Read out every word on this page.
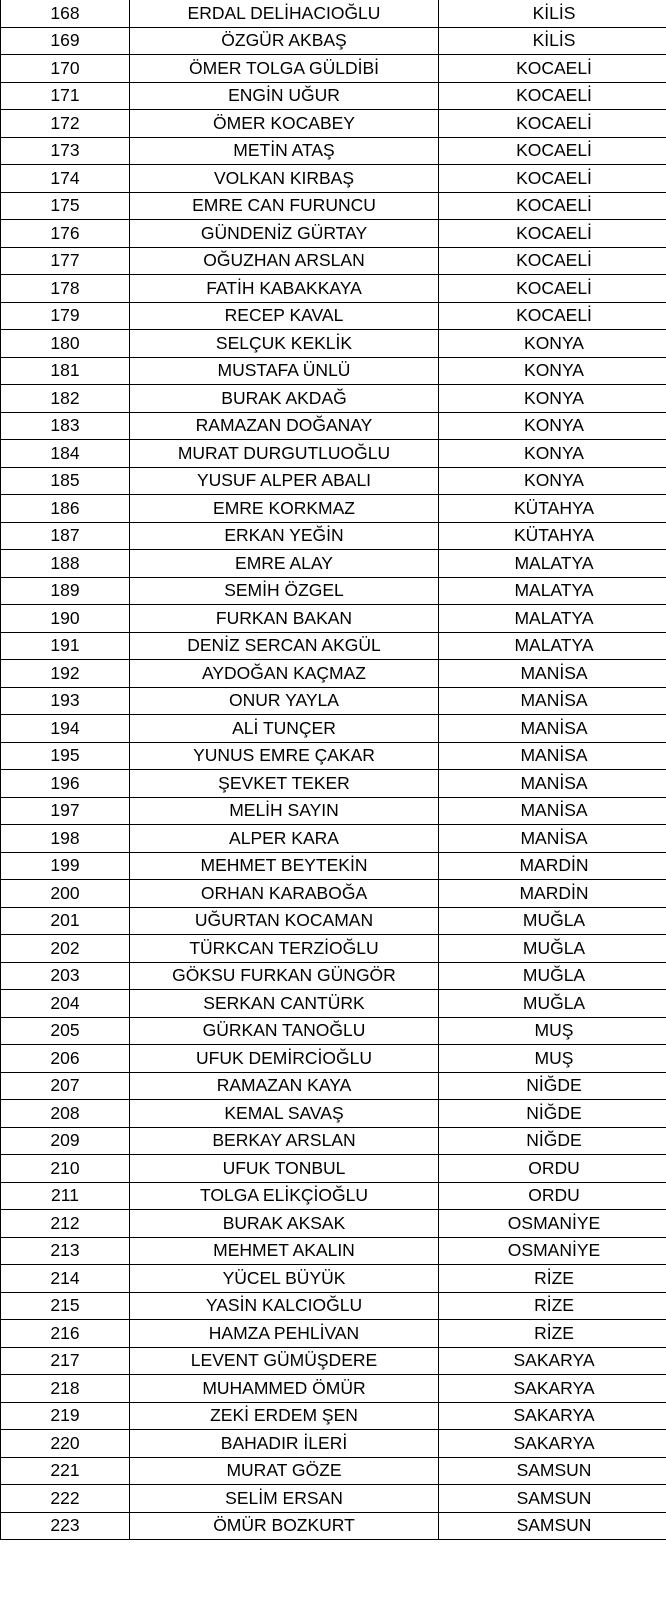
168	ERDAL DELİHACIOĞLU	KİLİS
169	ÖZGÜR AKBAŞ	KİLİS
170	ÖMER TOLGA GÜLDİBİ	KOCAELİ
171	ENGİN UĞUR	KOCAELİ
172	ÖMER KOCABEY	KOCAELİ
173	METİN ATAŞ	KOCAELİ
174	VOLKAN KIRBAŞ	KOCAELİ
175	EMRE CAN FURUNCU	KOCAELİ
176	GÜNDENİZ GÜRTAY	KOCAELİ
177	OĞUZHAN ARSLAN	KOCAELİ
178	FATİH KABAKKAYA	KOCAELİ
179	RECEP KAVAL	KOCAELİ
180	SELÇUK KEKLİK	KONYA
181	MUSTAFA ÜNLÜ	KONYA
182	BURAK AKDAĞ	KONYA
183	RAMAZAN DOĞANAY	KONYA
184	MURAT DURGUTLUOĞLU	KONYA
185	YUSUF ALPER ABALI	KONYA
186	EMRE KORKMAZ	KÜTAHYA
187	ERKAN YEĞİN	KÜTAHYA
188	EMRE ALAY	MALATYA
189	SEMİH ÖZGEL	MALATYA
190	FURKAN BAKAN	MALATYA
191	DENİZ SERCAN AKGÜL	MALATYA
192	AYDOĞAN KAÇMAZ	MANİSA
193	ONUR YAYLA	MANİSA
194	ALİ TUNÇER	MANİSA
195	YUNUS EMRE ÇAKAR	MANİSA
196	ŞEVKET TEKER	MANİSA
197	MELİH SAYIN	MANİSA
198	ALPER KARA	MANİSA
199	MEHMET BEYTEKİN	MARDİN
200	ORHAN KARABOĞA	MARDİN
201	UĞURTAN KOCAMAN	MUĞLA
202	TÜRKCAN TERZİOĞLU	MUĞLA
203	GÖKSU FURKAN GÜNGÖR	MUĞLA
204	SERKAN CANTÜRK	MUĞLA
205	GÜRKAN TANOĞLU	MUŞ
206	UFUK DEMİRCİOĞLU	MUŞ
207	RAMAZAN KAYA	NİĞDE
208	KEMAL SAVAŞ	NİĞDE
209	BERKAY ARSLAN	NİĞDE
210	UFUK TONBUL	ORDU
211	TOLGA ELİKÇİOĞLU	ORDU
212	BURAK AKSAK	OSMANİYE
213	MEHMET AKALIN	OSMANİYE
214	YÜCEL BÜYÜK	RİZE
215	YASİN KALCIOĞLU	RİZE
216	HAMZA PEHLİVAN	RİZE
217	LEVENT GÜMÜŞDERE	SAKARYA
218	MUHAMMED ÖMÜR	SAKARYA
219	ZEKİ ERDEM ŞEN	SAKARYA
220	BAHADIR İLERİ	SAKARYA
221	MURAT GÖZE	SAMSUN
222	SELİM ERSAN	SAMSUN
223	ÖMÜR BOZKURT	SAMSUN
